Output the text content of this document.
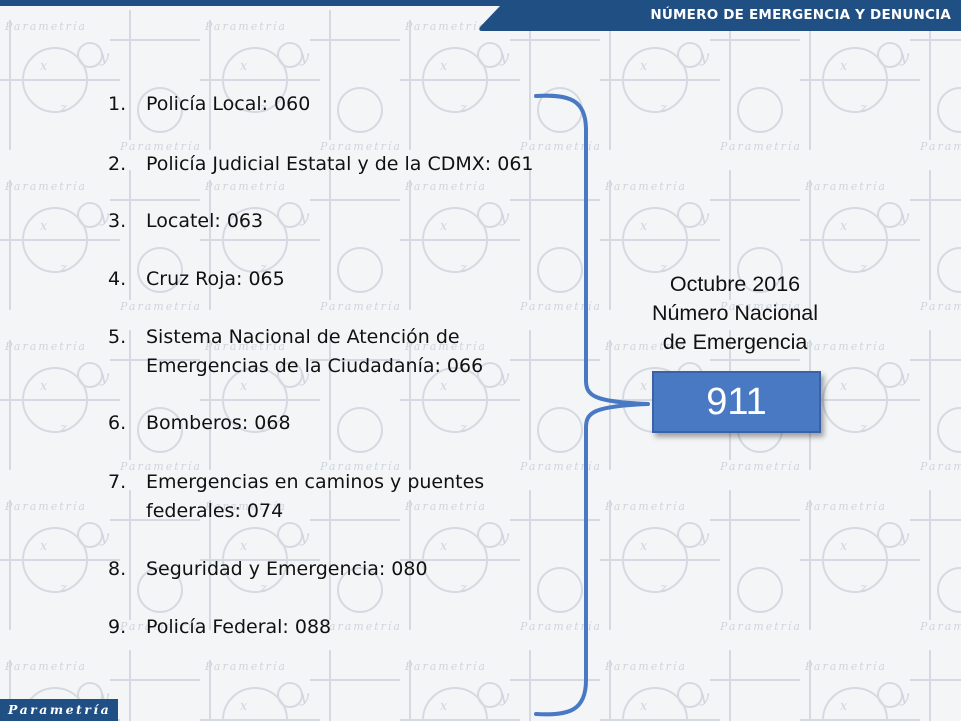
NÚMERO DE EMERGENCIA Y DENUNCIA
1.	Policía Local: 060
2.	Policía Judicial Estatal y de la CDMX: 061
3.	Locatel: 063
4.	Cruz Roja: 065
5.	Sistema Nacional de Atención de
Emergencias de la Ciudadanía: 066
6.	Bomberos: 068
7.	Emergencias en caminos y puentes
federales: 074
8.	Seguridad y Emergencia: 080
9.	Policía Federal: 088
Octubre 2016
Número Nacional
de Emergencia
911
Parametría
